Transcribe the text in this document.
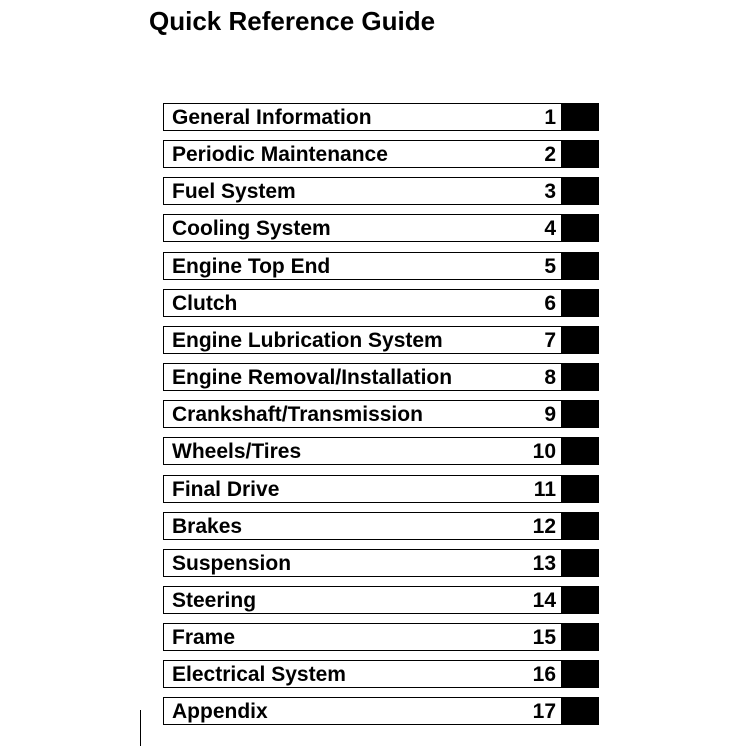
Quick Reference Guide
General Information	1
Periodic Maintenance	2
Fuel System	3
Cooling System	4
Engine Top End	5
Clutch	6
Engine Lubrication System	7
Engine Removal/Installation	8
Crankshaft/Transmission	9
Wheels/Tires	10
Final Drive	11
Brakes	12
Suspension	13
Steering	14
Frame	15
Electrical System	16
Appendix	17
